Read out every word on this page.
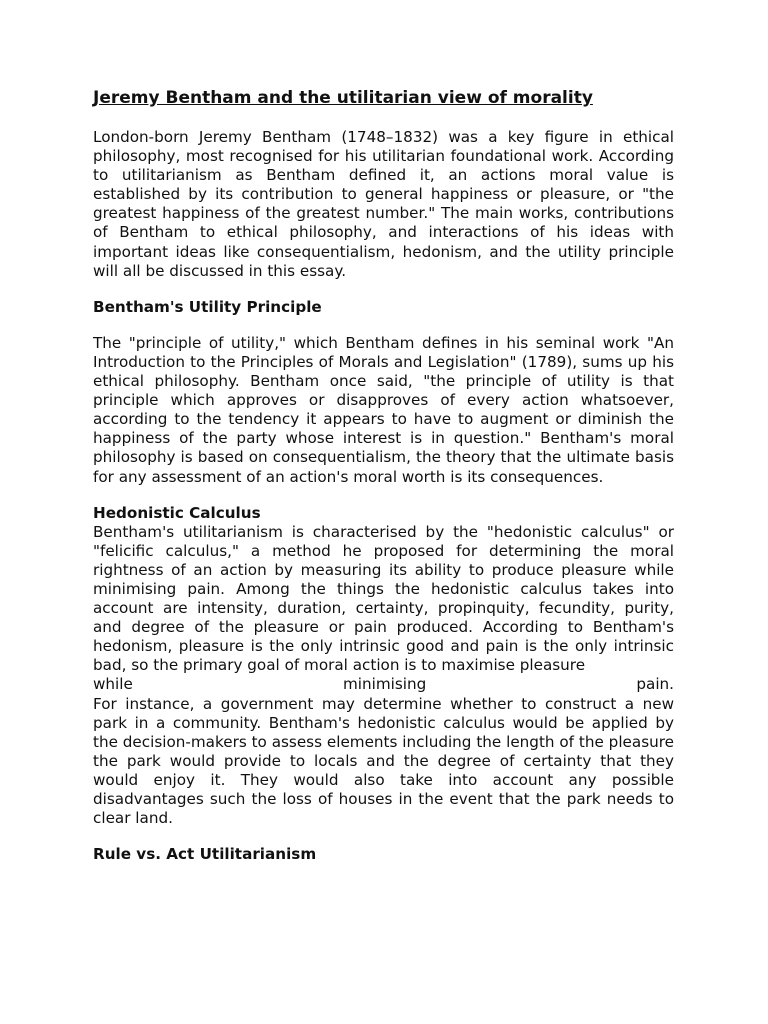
Jeremy Bentham and the utilitarian view of morality

London-born Jeremy Bentham (1748–1832) was a key figure in ethical philosophy, most recognised for his utilitarian foundational work. According to utilitarianism as Bentham defined it, an actions moral value is established by its contribution to general happiness or pleasure, or "the greatest happiness of the greatest number." The main works, contributions of Bentham to ethical philosophy, and interactions of his ideas with important ideas like consequentialism, hedonism, and the utility principle will all be discussed in this essay.

Bentham's Utility Principle

The "principle of utility," which Bentham defines in his seminal work "An Introduction to the Principles of Morals and Legislation" (1789), sums up his ethical philosophy. Bentham once said, "the principle of utility is that principle which approves or disapproves of every action whatsoever, according to the tendency it appears to have to augment or diminish the happiness of the party whose interest is in question." Bentham's moral philosophy is based on consequentialism, the theory that the ultimate basis for any assessment of an action's moral worth is its consequences.

Hedonistic Calculus

Bentham's utilitarianism is characterised by the "hedonistic calculus" or "felicific calculus," a method he proposed for determining the moral rightness of an action by measuring its ability to produce pleasure while minimising pain. Among the things the hedonistic calculus takes into account are intensity, duration, certainty, propinquity, fecundity, purity, and degree of the pleasure or pain produced. According to Bentham's hedonism, pleasure is the only intrinsic good and pain is the only intrinsic bad, so the primary goal of moral action is to maximise pleasure

while minimising pain.

For instance, a government may determine whether to construct a new park in a community. Bentham's hedonistic calculus would be applied by the decision-makers to assess elements including the length of the pleasure the park would provide to locals and the degree of certainty that they would enjoy it. They would also take into account any possible disadvantages such the loss of houses in the event that the park needs to clear land.

Rule vs. Act Utilitarianism
